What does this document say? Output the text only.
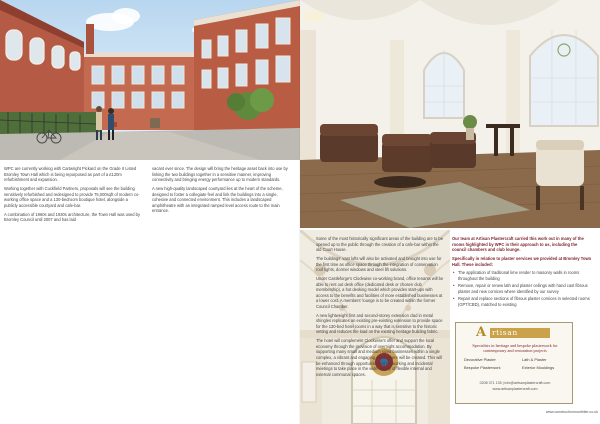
WPC are currently working with Cartwright Pickard on the Grade II Listed Bromley Town Hall which is being repurposed as part of a £120m refurbishment and expansion.

Working together with Cuckfield Partners, proposals will see the building sensitively refurbished and redesigned to provide 75,000sqft of modern co-working office space and a 130-bedroom boutique hotel, alongside a publicly accessible courtyard and cafe-bar.

A combination of 1960s and 1930s architecture, the Town Hall was used by Bromley Council until 2007 and has laid

vacant ever since. The design will bring the heritage asset back into use by linking the two buildings together in a sensitive manner, improving connectivity and bringing energy performance up to modern standards.

A new high-quality landscaped courtyard lies at the heart of the scheme, designed to foster a collegiate feel and link the buildings into a single, cohesive and connected environment. This includes a landscaped amphitheatre with an integrated ramped level access route to the main entrance.

Some of the most historically significant areas of the building are to be opened up to the public through the creation of a cafe-bar within the old Court House.

The buildings' vast lofts will also be activated and brought into use for the first time as office space through the integration of conservation roof lights, dormer windows and steel lift solutions.

Under Castleforge's Clockwise co-working brand, office tenants will be able to rent out desk office (dedicated desk or chosen club membership), a hot desking model which provides start-ups with access to the benefits and facilities of more established businesses at a lower cost. A members' lounge is to be created within the former Council Chamber.

A new lightweight first and second-storey extension clad in metal shingles replicates an existing pre-existing extension to provide space for the 130-bed hotel rooms in a way that is sensitive to the historic setting and reduces the load on the existing heritage building fabric.

The hotel will complement Clockwise's offer and support the local economy through the provision of overnight accommodation. By supporting many small and medium sized businesses within a single complex, a vibrant and engaging atmosphere will be created. This will be enhanced through opportunities for networking and incidental meetings to take place in the wide variety of flexible internal and external communal spaces.

Our team at Artisan Plastercraft carried this work out in many of the rooms highlighted by WPC in their approach to us, including the council chambers and club lounge.

Specifically in relation to plaster services we provided at Bromley Town Hall. These included:

• The application of traditional lime render to masonry walls in rooms throughout the building
• Remove, repair or renew lath and plaster ceilings with hand cast fibrous plaster and new cornices where identified by our survey
• Repair and replace sections of fibrous plaster cornices in selected rooms (GPT/CBD), matched to existing
A rtisan
Specialists in heritage and bespoke plasterwork for contemporary and restoration projects
Decorative Plaster	Lath & Plaster
Bespoke Plasterwork	Exterior Mouldings
0208 371 135 | info@artisanplastercraft.com
www.artisanplastercraft.com
www.constructionmonthlier.co.uk
